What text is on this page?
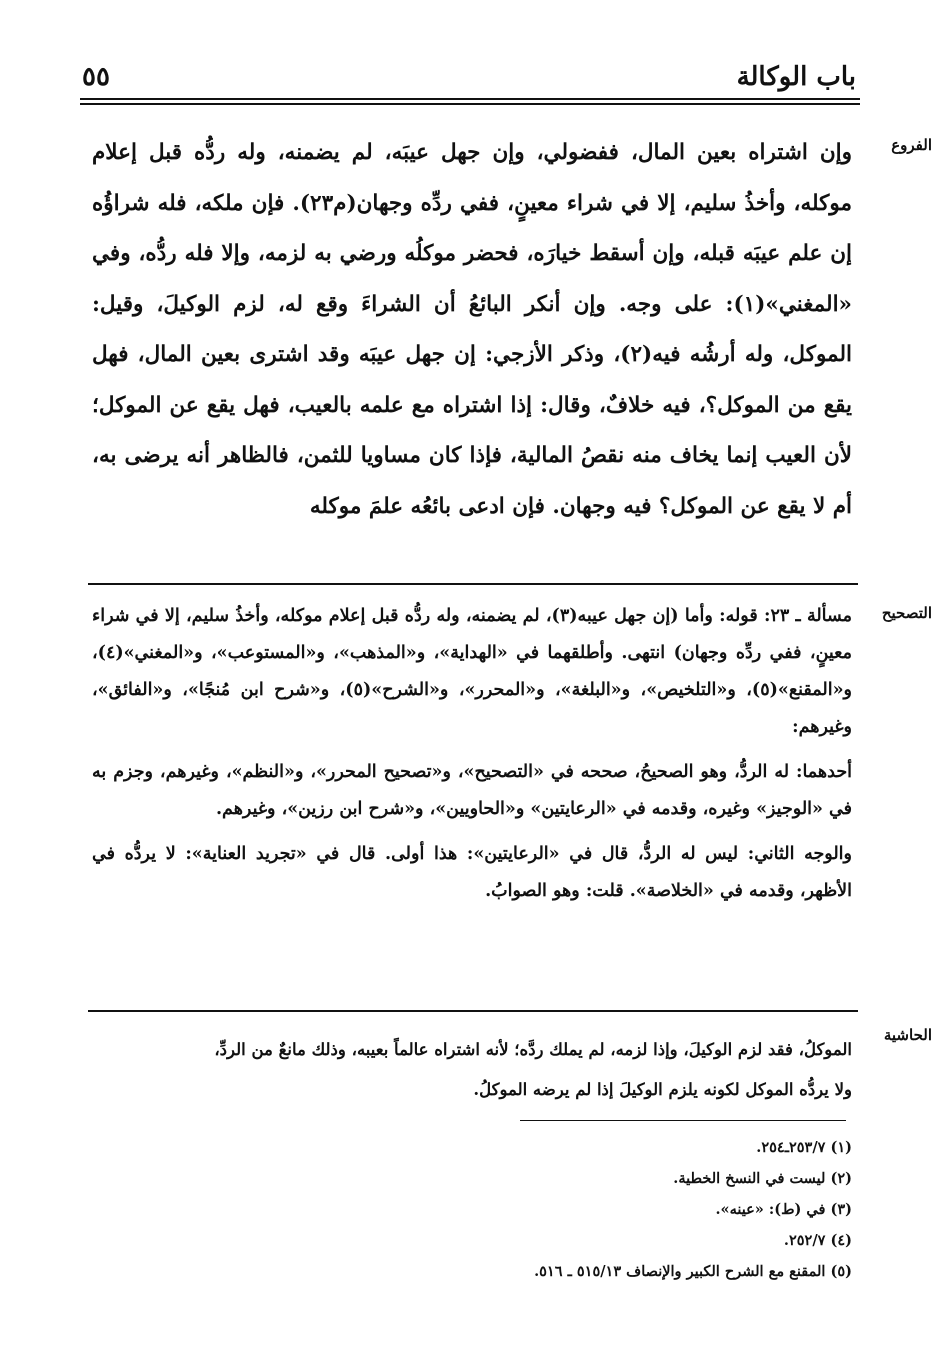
باب الوكالة
٥٥
الفروع

وإن اشتراه بعين المال، ففضولي، وإن جهل عيبَه، لم يضمنه، وله ردُّه قبل إعلام موكله، وأخذُ سليم، إلا في شراء معينٍ، ففي ردِّه وجهان(م٢٣). فإن ملكه، فله شراؤُه إن علم عيبَه قبله، وإن أسقط خيارَه، فحضر موكلُه ورضي به لزمه، وإلا فله ردُّه، وفي «المغني»(١): على وجه. وإن أنكر البائعُ أن الشراءَ وقع له، لزم الوكيلَ، وقيل: الموكل، وله أرشُه فيه(٢)، وذكر الأزجي: إن جهل عيبَه وقد اشترى بعين المال، فهل يقع من الموكل؟، فيه خلافٌ، وقال: إذا اشتراه مع علمه بالعيب، فهل يقع عن الموكل؛ لأن العيب إنما يخاف منه نقصُ المالية، فإذا كان مساويا للثمن، فالظاهر أنه يرضى به، أم لا يقع عن الموكل؟ فيه وجهان. فإن ادعى بائعُه علمَ موكله

التصحيح

مسألة ـ ٢٣: قوله: وأما (إن جهل عيبه(٣)، لم يضمنه، وله ردُّه قبل إعلام موكله، وأخذُ سليم، إلا في شراء معينٍ، ففي ردِّه وجهان) انتهى. وأطلقهما في «الهداية»، و«المذهب»، و«المستوعب»، و«المغني»(٤)، و«المقنع»(٥)، و«التلخيص»، و«البلغة»، و«المحرر»، و«الشرح»(٥)، و«شرح ابن مُنجًا»، و«الفائق»، وغيرهم:

أحدهما: له الردُّ، وهو الصحيحُ، صححه في «التصحيح»، و«تصحيح المحرر»، و«النظم»، وغيرهم، وجزم به في «الوجيز» وغيره، وقدمه في «الرعايتين» و«الحاويين»، و«شرح ابن رزين»، وغيرهم.

والوجه الثاني: ليس له الردُّ، قال في «الرعايتين»: هذا أولى. قال في «تجريد العناية»: لا يردُّه في الأظهر، وقدمه في «الخلاصة». قلت: وهو الصوابُ.

الحاشية

الموكلُ، فقد لزم الوكيلَ، وإذا لزمه، لم يملك ردَّه؛ لأنه اشتراه عالماً بعيبه، وذلك مانعٌ من الردِّ،

ولا يردُّه الموكل لكونه يلزم الوكيلَ إذا لم يرضه الموكلُ.

(١) ٢٥٣/٧ـ٢٥٤.
(٢) ليست في النسخ الخطية.
(٣) في (ط): «عينه».
(٤) ٢٥٢/٧.
(٥) المقنع مع الشرح الكبير والإنصاف ٥١٥/١٣ ـ ٥١٦.
